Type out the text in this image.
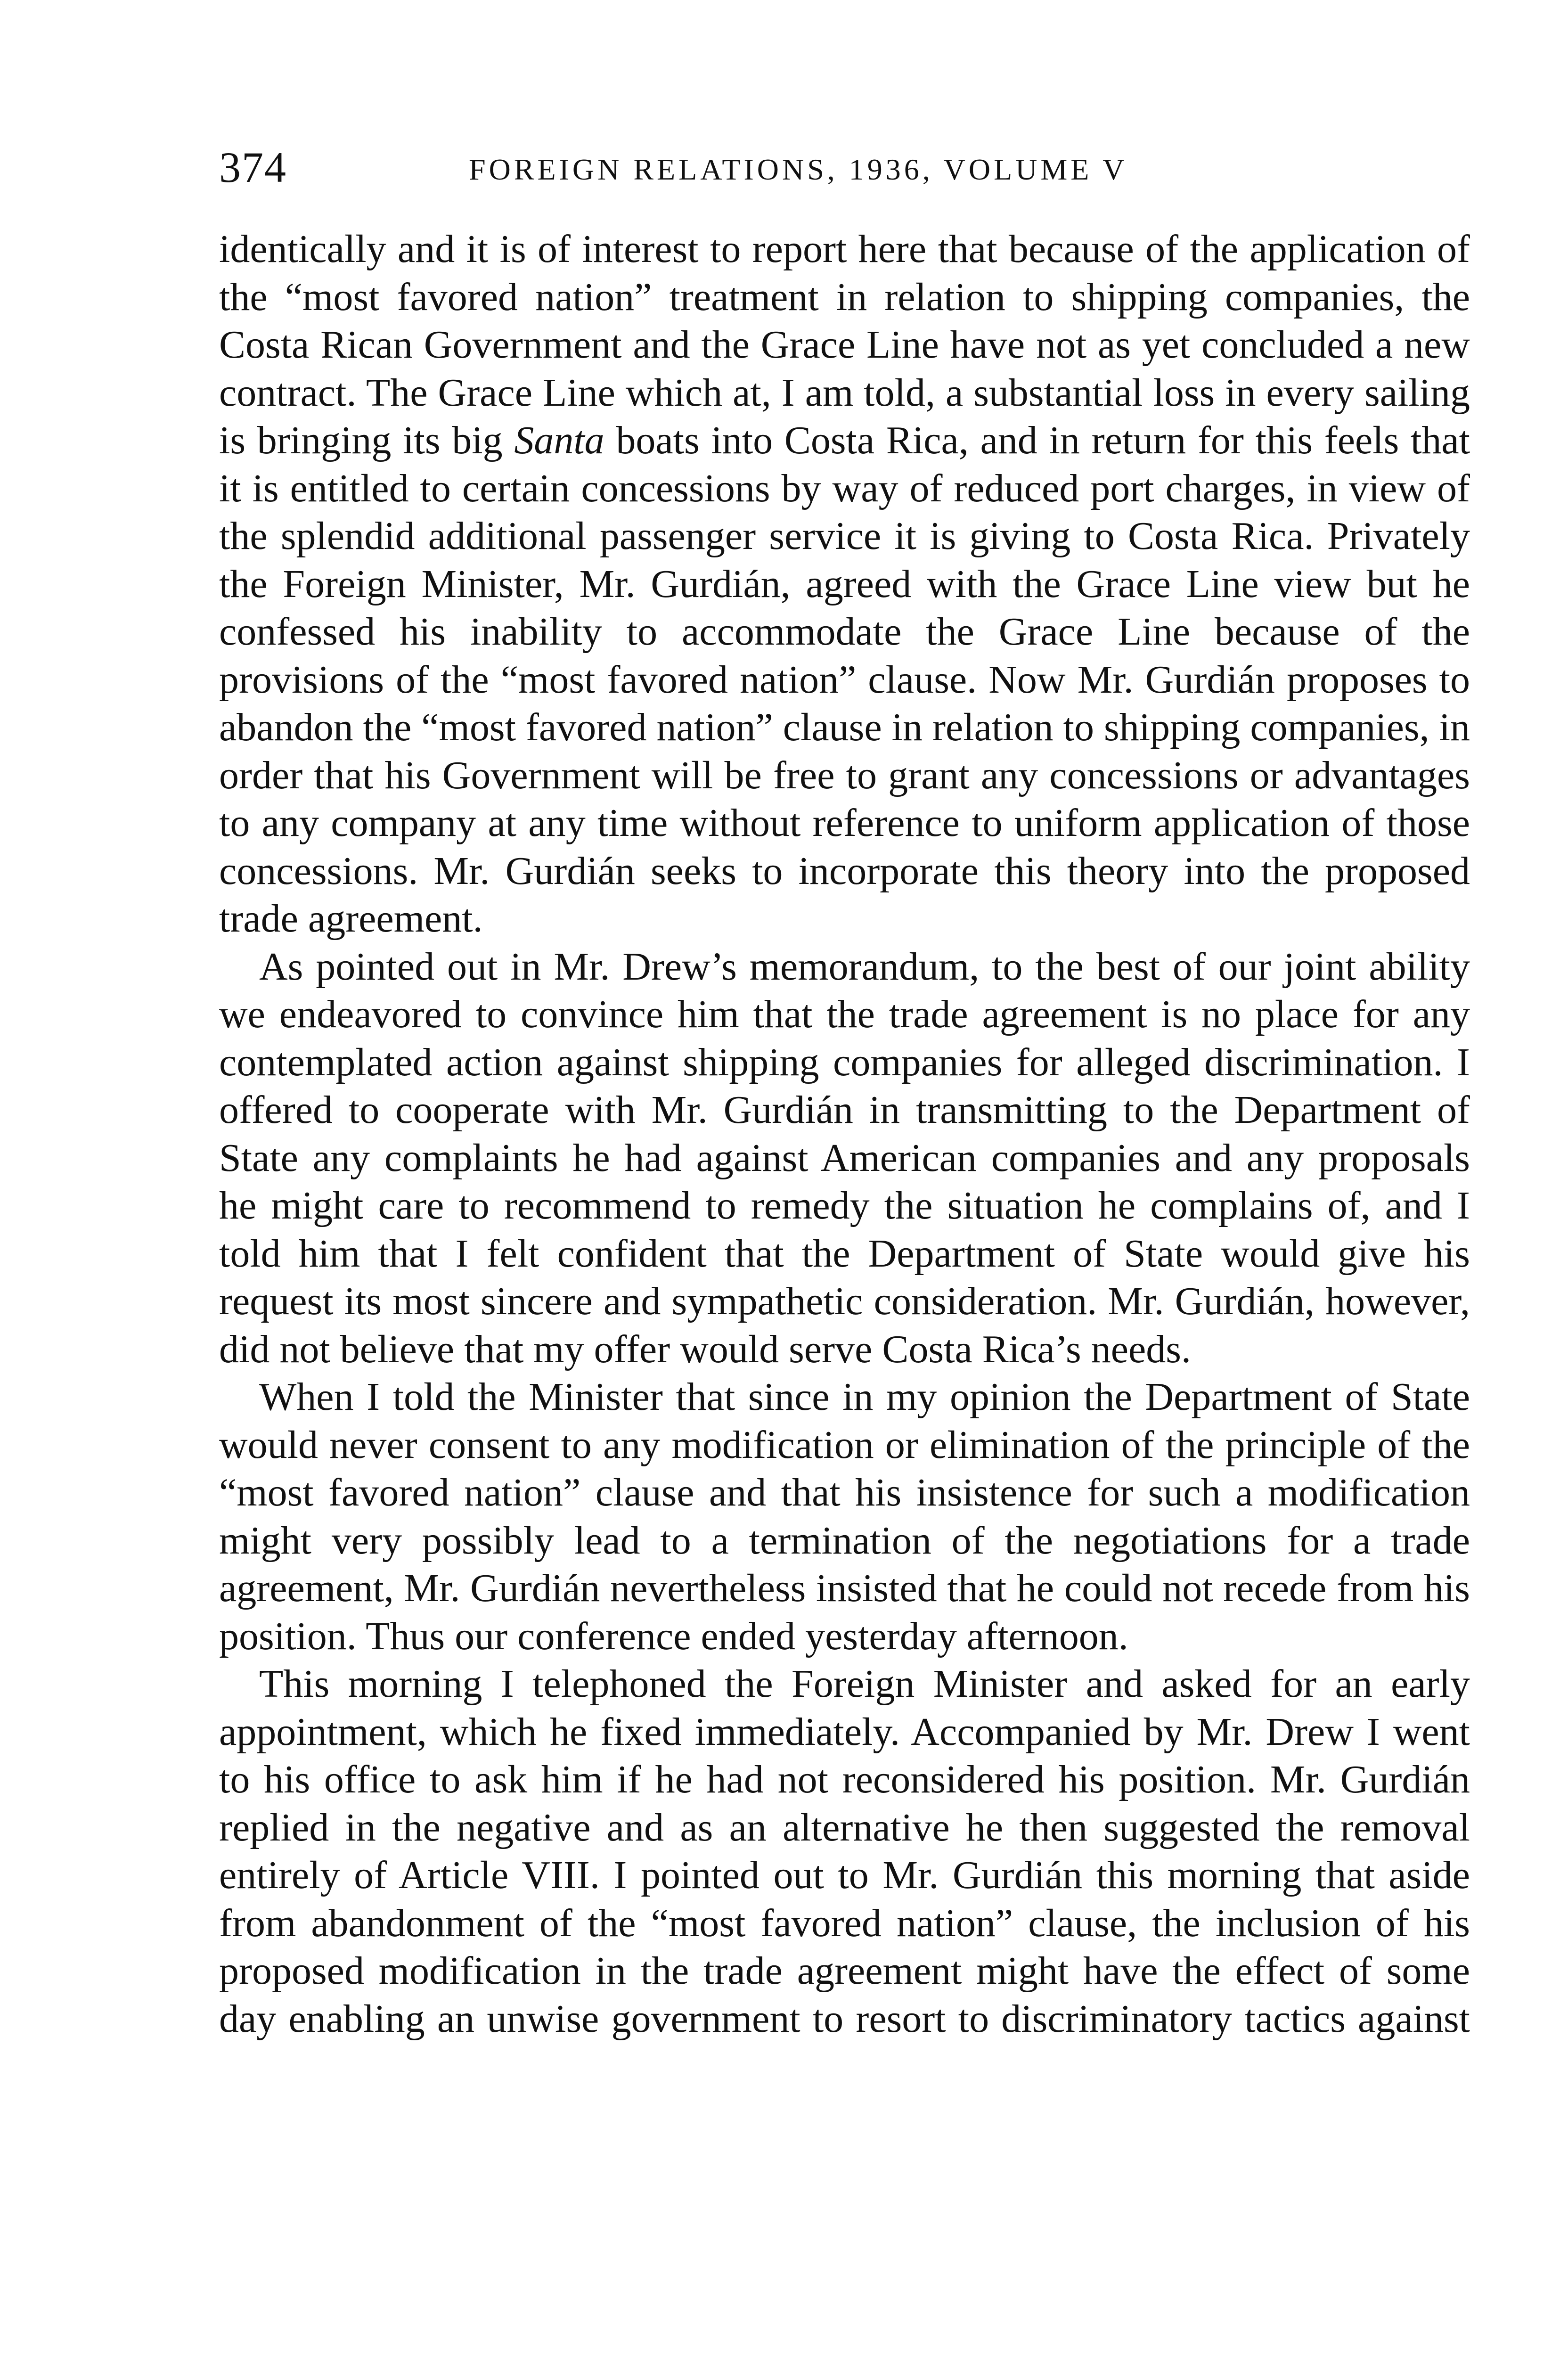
374	FOREIGN RELATIONS, 1936, VOLUME V

identically and it is of interest to report here that because of the application of the “most favored nation” treatment in relation to shipping companies, the Costa Rican Government and the Grace Line have not as yet concluded a new contract. The Grace Line which at, I am told, a substantial loss in every sailing is bringing its big Santa boats into Costa Rica, and in return for this feels that it is entitled to certain concessions by way of reduced port charges, in view of the splendid additional passenger service it is giving to Costa Rica. Privately the Foreign Minister, Mr. Gurdián, agreed with the Grace Line view but he confessed his inability to accommodate the Grace Line because of the provisions of the “most favored nation” clause. Now Mr. Gurdián proposes to abandon the “most favored nation” clause in relation to shipping companies, in order that his Government will be free to grant any concessions or advantages to any company at any time without reference to uniform application of those concessions. Mr. Gurdián seeks to incorporate this theory into the proposed trade agreement.

As pointed out in Mr. Drew’s memorandum, to the best of our joint ability we endeavored to convince him that the trade agreement is no place for any contemplated action against shipping companies for alleged discrimination. I offered to cooperate with Mr. Gurdián in transmitting to the Department of State any complaints he had against American companies and any proposals he might care to recommend to remedy the situation he complains of, and I told him that I felt confident that the Department of State would give his request its most sincere and sympathetic consideration. Mr. Gurdián, however, did not believe that my offer would serve Costa Rica’s needs.

When I told the Minister that since in my opinion the Department of State would never consent to any modification or elimination of the principle of the “most favored nation” clause and that his insistence for such a modification might very possibly lead to a termination of the negotiations for a trade agreement, Mr. Gurdián nevertheless insisted that he could not recede from his position. Thus our conference ended yesterday afternoon.

This morning I telephoned the Foreign Minister and asked for an early appointment, which he fixed immediately. Accompanied by Mr. Drew I went to his office to ask him if he had not reconsidered his position. Mr. Gurdián replied in the negative and as an alternative he then suggested the removal entirely of Article VIII. I pointed out to Mr. Gurdián this morning that aside from abandonment of the “most favored nation” clause, the inclusion of his proposed modification in the trade agreement might have the effect of some day enabling an unwise government to resort to discriminatory tactics against
